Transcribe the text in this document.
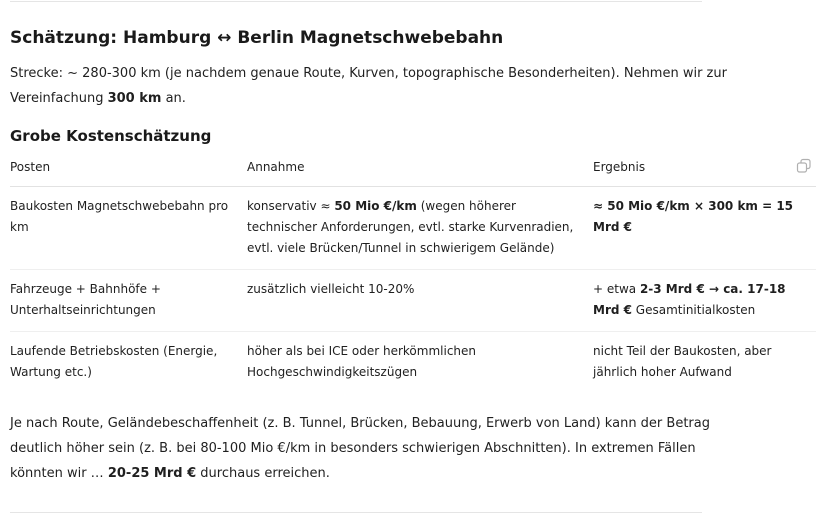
Schätzung: Hamburg ↔ Berlin Magnetschwebebahn

Strecke: ~ 280-300 km (je nachdem genaue Route, Kurven, topographische Besonderheiten). Nehmen wir zur Vereinfachung 300 km an.

Grobe Kostenschätzung
Posten	Annahme	Ergebnis

Baukosten Magnetschwebebahn pro km	konservativ ≈ 50 Mio €/km (wegen höherer technischer Anforderungen, evtl. starke Kurvenradien, evtl. viele Brücken/Tunnel in schwierigem Gelände)	≈ 50 Mio €/km × 300 km = 15 Mrd €
Fahrzeuge + Bahnhöfe + Unterhaltseinrichtungen	zusätzlich vielleicht 10-20%	+ etwa 2-3 Mrd € → ca. 17-18 Mrd € Gesamtinitialkosten
Laufende Betriebskosten (Energie, Wartung etc.)	höher als bei ICE oder herkömmlichen Hochgeschwindigkeitszügen	nicht Teil der Baukosten, aber jährlich hoher Aufwand

Je nach Route, Geländebeschaffenheit (z. B. Tunnel, Brücken, Bebauung, Erwerb von Land) kann der Betrag deutlich höher sein (z. B. bei 80-100 Mio €/km in besonders schwierigen Abschnitten). In extremen Fällen könnten wir … 20-25 Mrd € durchaus erreichen.
